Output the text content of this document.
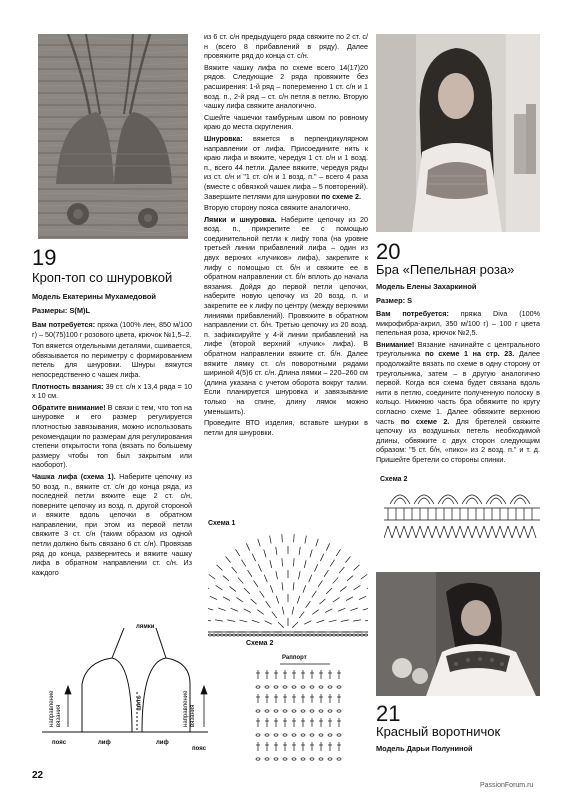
19
Кроп-топ со шнуровкой
Модель Екатерины Мухамедовой
Размеры: S(M)L

Вам потребуется: пряжа (100% лен, 850 м/100 г) – 50(75)100 г розового цвета, крючок №1,5–2.

Топ вяжется отдельными деталями, сшивается, обвязывается по периметру с формированием петель для шнуровки. Шнуры вяжутся непосредственно с чашек лифа.

Плотность вязания: 39 ст. с/н х 13,4 ряда = 10 х 10 см.

Обратите внимание! В связи с тем, что топ на шнуровке и его размер регулируется плотностью завязывания, можно использовать рекомендации по размерам для регулирования степени открытости топа (вязать по большему размеру чтобы топ был закрытым или наоборот).

Чашка лифа (схема 1). Наберите цепочку из 50 возд. п., вяжите ст. с/н до конца ряда, из последней петли вяжите еще 2 ст. с/н, поверните цепочку из возд. п. другой стороной и вяжите вдоль цепочки в обратном направлении, при этом из первой петли свяжите 3 ст. с/н (таким образом из одной петли должно быть связано 6 ст. с/н). Провязав ряд до конца, развернитесь и вяжите чашку лифа в обратном направлении ст. с/н. Из каждого

лямки
шить
направление вязания	направление вязания
пояс	лиф	лиф
пояс

из 6 ст. с/н предыдущего ряда свяжите по 2 ст. с/н (всего 8 прибавлений в ряду). Далее провяжите ряд до конца ст. с/н.

Вяжите чашку лифа по схеме всего 14(17)20 рядов. Следующие 2 ряда провяжите без расширения: 1-й ряд – попеременно 1 ст. с/н и 1 возд. п., 2-й ряд – ст. с/н петля в петлю. Вторую чашку лифа свяжите аналогично.

Сшейте чашечки тамбурным швом по ровному краю до места скругления.

Шнуровка: вяжется в перпендикулярном направлении от лифа. Присоедините нить к краю лифа и вяжите, чередуя 1 ст. с/н и 1 возд. п., всего 44 петли. Далее вяжите, чередуя ряды из ст. с/н и "1 ст. с/н и 1 возд. п." – всего 4 раза (вместе с обвязкой чашек лифа – 5 повторений). Завершите петлями для шнуровки по схеме 2.

Вторую сторону пояса свяжите аналогично.

Лямки и шнуровка. Наберите цепочку из 20 возд. п., прикрепите ее с помощью соединительной петли к лифу топа (на уровне третьей линии прибавлений лифа – один из двух верхних «лучиков» лифа), закрепите к лифу с помощью ст. б/н и свяжите ее в обратном направлении ст. б/н вплоть до начала вязания. Дойдя до первой петли цепочки, наберите новую цепочку из 20 возд. п. и закрепите ее к лифу по центру (между верхними линиями прибавлений). Провяжите в обратном направлении ст. б/н. Третью цепочку из 20 возд. п. зафиксируйте у 4-й линии прибавлений на лифе (второй верхний «лучик» лифа). В обратном направлении вяжите ст. б/н. Далее вяжите лямку ст. с/н поворотными рядами шириной 4(5)6 ст. с/н. Длина лямки – 220–260 см (длина указана с учетом оборота вокруг талии. Если планируется шнуровка и завязывание только на спине, длину лямок можно уменьшить).

Проведите ВТО изделия, вставьте шнурки в петли для шнуровки.

Схема 1
Схема 2
Раппорт
20
Бра «Пепельная роза»
Модель Елены Захаркиной
Размер: S

Вам потребуется: пряжа Diva (100% микрофибра-акрил, 350 м/100 г) – 100 г цвета пепельная роза, крючок №2,5.

Внимание! Вязание начинайте с центрального треугольника по схеме 1 на стр. 23. Далее продолжайте вязать по схеме в одну сторону от треугольника, затем – в другую аналогично первой. Когда вся схема будет связана вдоль нити в петлю, соедините полученную полоску в кольцо. Нижнюю часть бра обвяжите по кругу согласно схеме 1. Далее обвяжите верхнюю часть по схеме 2. Для бретелей свяжите цепочку из воздушных петель необходимой длины, обвяжите с двух сторон следующим образом: "5 ст. б/н, «пико» из 2 возд. п." и т. д. Пришейте бретели со стороны спинки.

Схема 2
21
Красный воротничок
Модель Дарьи Полуниной
22
PassionForum.ru
